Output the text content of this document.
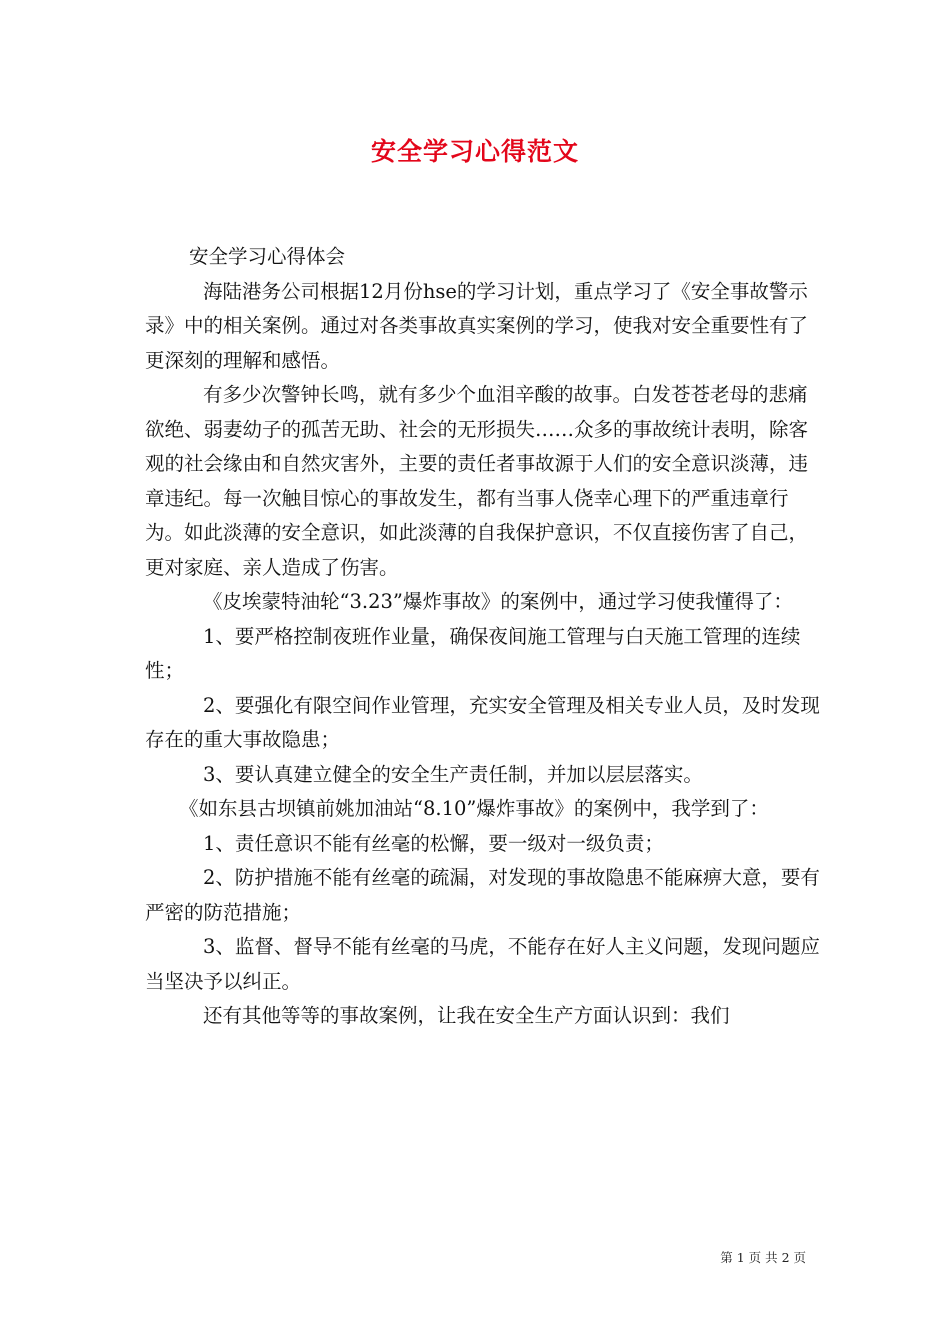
安全学习心得范文

安全学习心得体会

海陆港务公司根据12月份hse的学习计划，重点学习了《安全事故警示录》中的相关案例。通过对各类事故真实案例的学习，使我对安全重要性有了更深刻的理解和感悟。

有多少次警钟长鸣，就有多少个血泪辛酸的故事。白发苍苍老母的悲痛欲绝、弱妻幼子的孤苦无助、社会的无形损失……众多的事故统计表明，除客观的社会缘由和自然灾害外，主要的责任者事故源于人们的安全意识淡薄，违章违纪。每一次触目惊心的事故发生，都有当事人侥幸心理下的严重违章行为。如此淡薄的安全意识，如此淡薄的自我保护意识，不仅直接伤害了自己，更对家庭、亲人造成了伤害。

《皮埃蒙特油轮“3.23”爆炸事故》的案例中，通过学习使我懂得了：

1、要严格控制夜班作业量，确保夜间施工管理与白天施工管理的连续性；

2、要强化有限空间作业管理，充实安全管理及相关专业人员，及时发现存在的重大事故隐患；

3、要认真建立健全的安全生产责任制，并加以层层落实。

《如东县古坝镇前姚加油站“8.10”爆炸事故》的案例中，我学到了：

1、责任意识不能有丝毫的松懈，要一级对一级负责；

2、防护措施不能有丝毫的疏漏，对发现的事故隐患不能麻痹大意，要有严密的防范措施；

3、监督、督导不能有丝毫的马虎，不能存在好人主义问题，发现问题应当坚决予以纠正。

还有其他等等的事故案例，让我在安全生产方面认识到：我们

第 1 页 共 2 页
